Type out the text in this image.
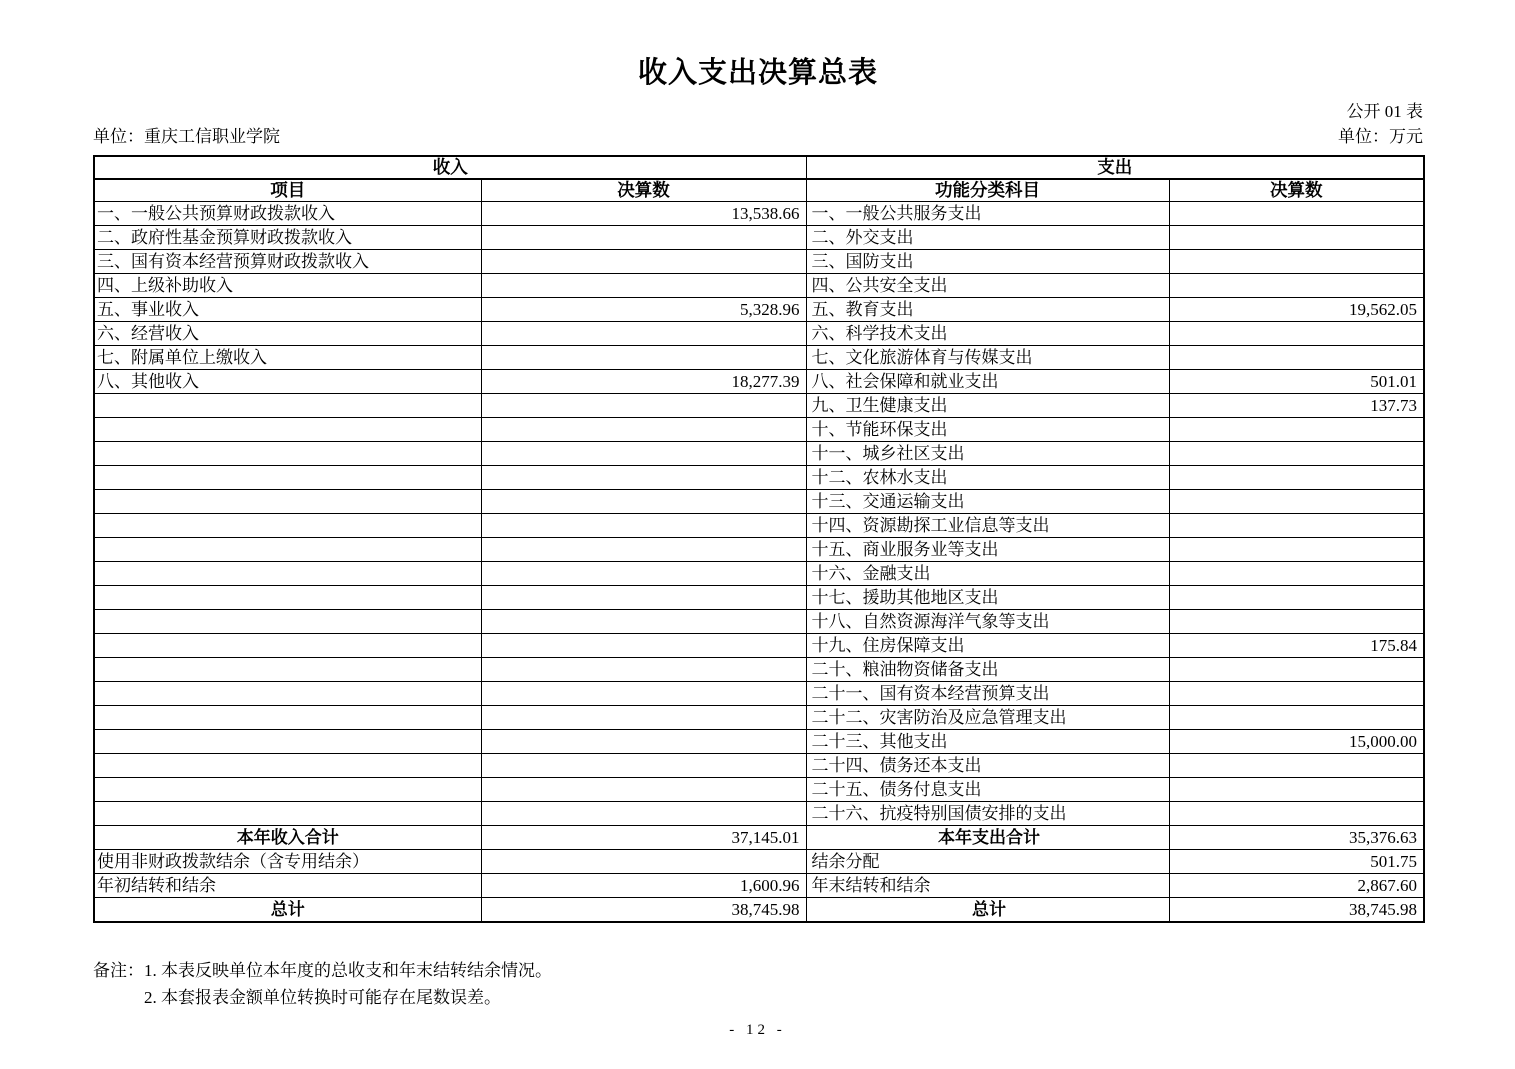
收入支出决算总表
公开 01 表
单位：重庆工信职业学院	单位：万元
收入		支出	
项目	决算数	功能分类科目	决算数
一、一般公共预算财政拨款收入	13,538.66	一、一般公共服务支出	
二、政府性基金预算财政拨款收入		二、外交支出	
三、国有资本经营预算财政拨款收入		三、国防支出	
四、上级补助收入		四、公共安全支出	
五、事业收入	5,328.96	五、教育支出	19,562.05
六、经营收入		六、科学技术支出	
七、附属单位上缴收入		七、文化旅游体育与传媒支出	
八、其他收入	18,277.39	八、社会保障和就业支出	501.01
		九、卫生健康支出	137.73
		十、节能环保支出	
		十一、城乡社区支出	
		十二、农林水支出	
		十三、交通运输支出	
		十四、资源勘探工业信息等支出	
		十五、商业服务业等支出	
		十六、金融支出	
		十七、援助其他地区支出	
		十八、自然资源海洋气象等支出	
		十九、住房保障支出	175.84
		二十、粮油物资储备支出	
		二十一、国有资本经营预算支出	
		二十二、灾害防治及应急管理支出	
		二十三、其他支出	15,000.00
		二十四、债务还本支出	
		二十五、债务付息支出	
		二十六、抗疫特别国债安排的支出	
本年收入合计	37,145.01	本年支出合计	35,376.63
使用非财政拨款结余（含专用结余）		结余分配	501.75
年初结转和结余	1,600.96	年末结转和结余	2,867.60
总计	38,745.98	总计	38,745.98
备注：1. 本表反映单位本年度的总收支和年末结转结余情况。
2. 本套报表金额单位转换时可能存在尾数误差。
- 12 -
